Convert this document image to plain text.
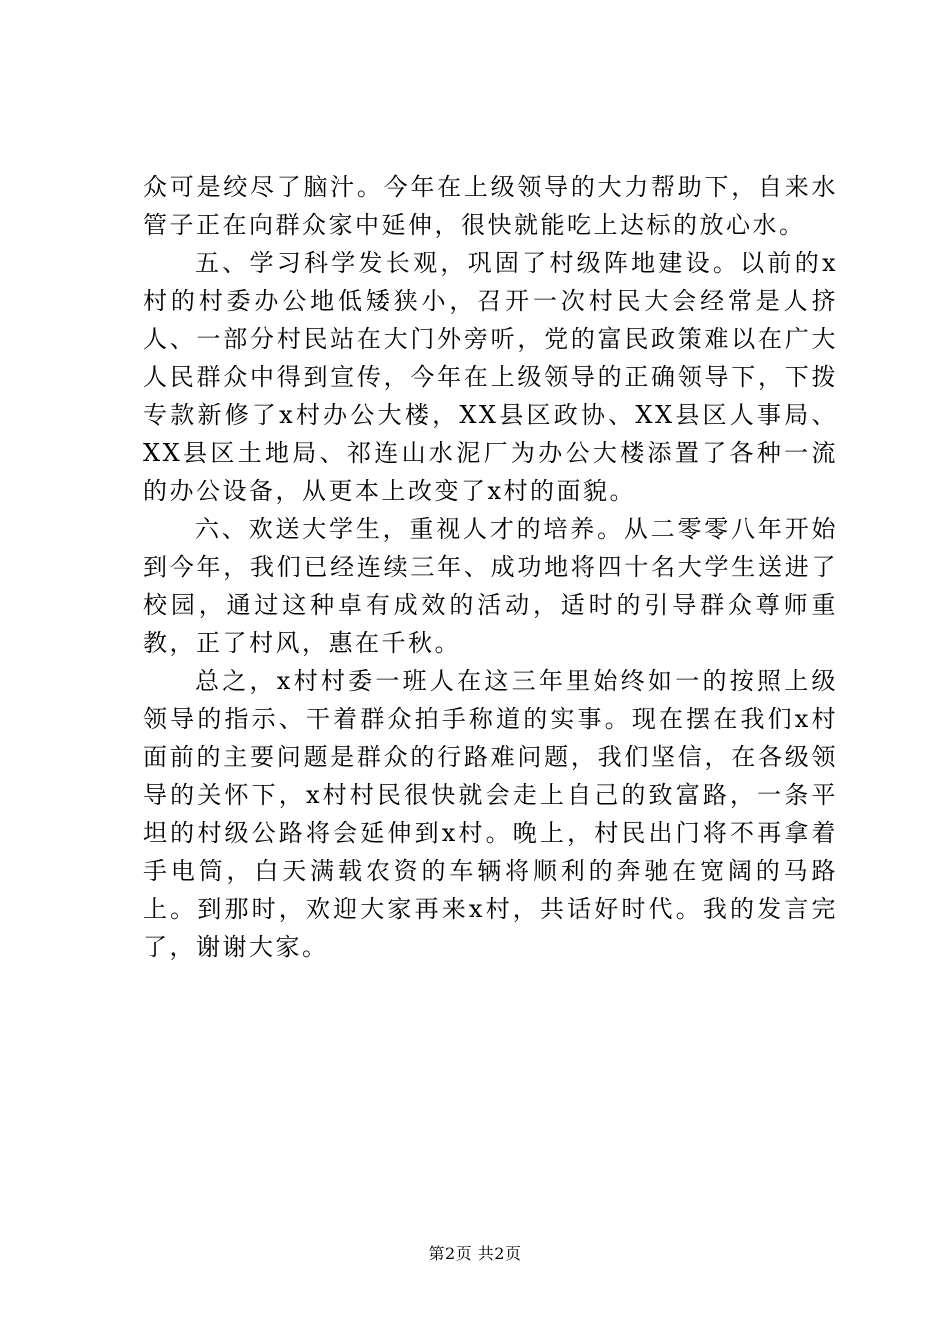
众可是绞尽了脑汁。今年在上级领导的大力帮助下，自来水管子正在向群众家中延伸，很快就能吃上达标的放心水。

五、学习科学发长观，巩固了村级阵地建设。以前的x村的村委办公地低矮狭小，召开一次村民大会经常是人挤人、一部分村民站在大门外旁听，党的富民政策难以在广大人民群众中得到宣传，今年在上级领导的正确领导下，下拨专款新修了x村办公大楼，XX县区政协、XX县区人事局、XX县区土地局、祁连山水泥厂为办公大楼添置了各种一流的办公设备，从更本上改变了x村的面貌。

六、欢送大学生，重视人才的培养。从二零零八年开始到今年，我们已经连续三年、成功地将四十名大学生送进了校园，通过这种卓有成效的活动，适时的引导群众尊师重教，正了村风，惠在千秋。

总之，x村村委一班人在这三年里始终如一的按照上级领导的指示、干着群众拍手称道的实事。现在摆在我们x村面前的主要问题是群众的行路难问题，我们坚信，在各级领导的关怀下，x村村民很快就会走上自己的致富路，一条平坦的村级公路将会延伸到x村。晚上，村民出门将不再拿着手电筒，白天满载农资的车辆将顺利的奔驰在宽阔的马路上。到那时，欢迎大家再来x村，共话好时代。我的发言完了，谢谢大家。

第2页 共2页
